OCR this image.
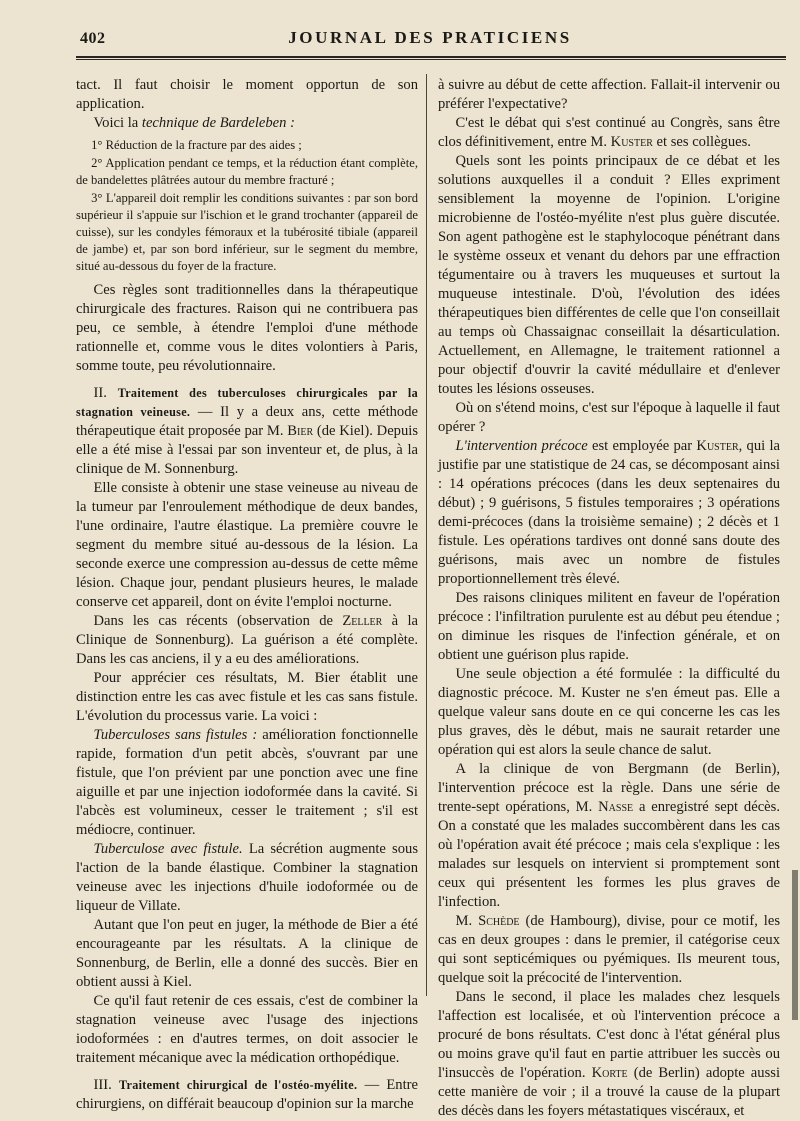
402	JOURNAL DES PRATICIENS

tact. Il faut choisir le moment opportun de son application.

Voici la technique de Bardeleben :

1° Réduction de la fracture par des aides ;

2° Application pendant ce temps, et la réduction étant complète, de bandelettes plâtrées autour du membre fracturé ;

3° L'appareil doit remplir les conditions suivantes : par son bord supérieur il s'appuie sur l'ischion et le grand trochanter (appareil de cuisse), sur les condyles fémoraux et la tubérosité tibiale (appareil de jambe) et, par son bord inférieur, sur le segment du membre, situé au-dessous du foyer de la fracture.

Ces règles sont traditionnelles dans la thérapeutique chirurgicale des fractures. Raison qui ne contribuera pas peu, ce semble, à étendre l'emploi d'une méthode rationnelle et, comme vous le dites volontiers à Paris, somme toute, peu révolutionnaire.

II. Traitement des tuberculoses chirurgicales par la stagnation veineuse. — Il y a deux ans, cette méthode thérapeutique était proposée par M. Bier (de Kiel). Depuis elle a été mise à l'essai par son inventeur et, de plus, à la clinique de M. Sonnenburg.

Elle consiste à obtenir une stase veineuse au niveau de la tumeur par l'enroulement méthodique de deux bandes, l'une ordinaire, l'autre élastique. La première couvre le segment du membre situé au-dessous de la lésion. La seconde exerce une compression au-dessus de cette même lésion. Chaque jour, pendant plusieurs heures, le malade conserve cet appareil, dont on évite l'emploi nocturne.

Dans les cas récents (observation de Zeller à la Clinique de Sonnenburg). La guérison a été complète. Dans les cas anciens, il y a eu des améliorations.

Pour apprécier ces résultats, M. Bier établit une distinction entre les cas avec fistule et les cas sans fistule. L'évolution du processus varie. La voici :

Tuberculoses sans fistules : amélioration fonctionnelle rapide, formation d'un petit abcès, s'ouvrant par une fistule, que l'on prévient par une ponction avec une fine aiguille et par une injection iodoformée dans la cavité. Si l'abcès est volumineux, cesser le traitement ; s'il est médiocre, continuer.

Tuberculose avec fistule. La sécrétion augmente sous l'action de la bande élastique. Combiner la stagnation veineuse avec les injections d'huile iodoformée ou de liqueur de Villate.

Autant que l'on peut en juger, la méthode de Bier a été encourageante par les résultats. A la clinique de Sonnenburg, de Berlin, elle a donné des succès. Bier en obtient aussi à Kiel.

Ce qu'il faut retenir de ces essais, c'est de combiner la stagnation veineuse avec l'usage des injections iodoformées : en d'autres termes, on doit associer le traitement mécanique avec la médication orthopédique.

III. Traitement chirurgical de l'ostéo-myélite. — Entre chirurgiens, on différait beaucoup d'opinion sur la marche

à suivre au début de cette affection. Fallait-il intervenir ou préférer l'expectative?

C'est le débat qui s'est continué au Congrès, sans être clos définitivement, entre M. Kuster et ses collègues.

Quels sont les points principaux de ce débat et les solutions auxquelles il a conduit ? Elles expriment sensiblement la moyenne de l'opinion. L'origine microbienne de l'ostéo-myélite n'est plus guère discutée. Son agent pathogène est le staphylocoque pénétrant dans le système osseux et venant du dehors par une effraction tégumentaire ou à travers les muqueuses et surtout la muqueuse intestinale. D'où, l'évolution des idées thérapeutiques bien différentes de celle que l'on conseillait au temps où Chassaignac conseillait la désarticulation. Actuellement, en Allemagne, le traitement rationnel a pour objectif d'ouvrir la cavité médullaire et d'enlever toutes les lésions osseuses.

Où on s'étend moins, c'est sur l'époque à laquelle il faut opérer ?

L'intervention précoce est employée par Kuster, qui la justifie par une statistique de 24 cas, se décomposant ainsi : 14 opérations précoces (dans les deux septenaires du début) ; 9 guérisons, 5 fistules temporaires ; 3 opérations demi-précoces (dans la troisième semaine) ; 2 décès et 1 fistule. Les opérations tardives ont donné sans doute des guérisons, mais avec un nombre de fistules proportionnellement très élevé.

Des raisons cliniques militent en faveur de l'opération précoce : l'infiltration purulente est au début peu étendue ; on diminue les risques de l'infection générale, et on obtient une guérison plus rapide.

Une seule objection a été formulée : la difficulté du diagnostic précoce. M. Kuster ne s'en émeut pas. Elle a quelque valeur sans doute en ce qui concerne les cas les plus graves, dès le début, mais ne saurait retarder une opération qui est alors la seule chance de salut.

A la clinique de von Bergmann (de Berlin), l'intervention précoce est la règle. Dans une série de trente-sept opérations, M. Nasse a enregistré sept décès. On a constaté que les malades succombèrent dans les cas où l'opération avait été précoce ; mais cela s'explique : les malades sur lesquels on intervient si promptement sont ceux qui présentent les formes les plus graves de l'infection.

M. Schède (de Hambourg), divise, pour ce motif, les cas en deux groupes : dans le premier, il catégorise ceux qui sont septicémiques ou pyémiques. Ils meurent tous, quelque soit la précocité de l'intervention.

Dans le second, il place les malades chez lesquels l'affection est localisée, et où l'intervention précoce a procuré de bons résultats. C'est donc à l'état général plus ou moins grave qu'il faut en partie attribuer les succès ou l'insuccès de l'opération. Korte (de Berlin) adopte aussi cette manière de voir ; il a trouvé la cause de la plupart des décès dans les foyers métastatiques viscéraux, et
